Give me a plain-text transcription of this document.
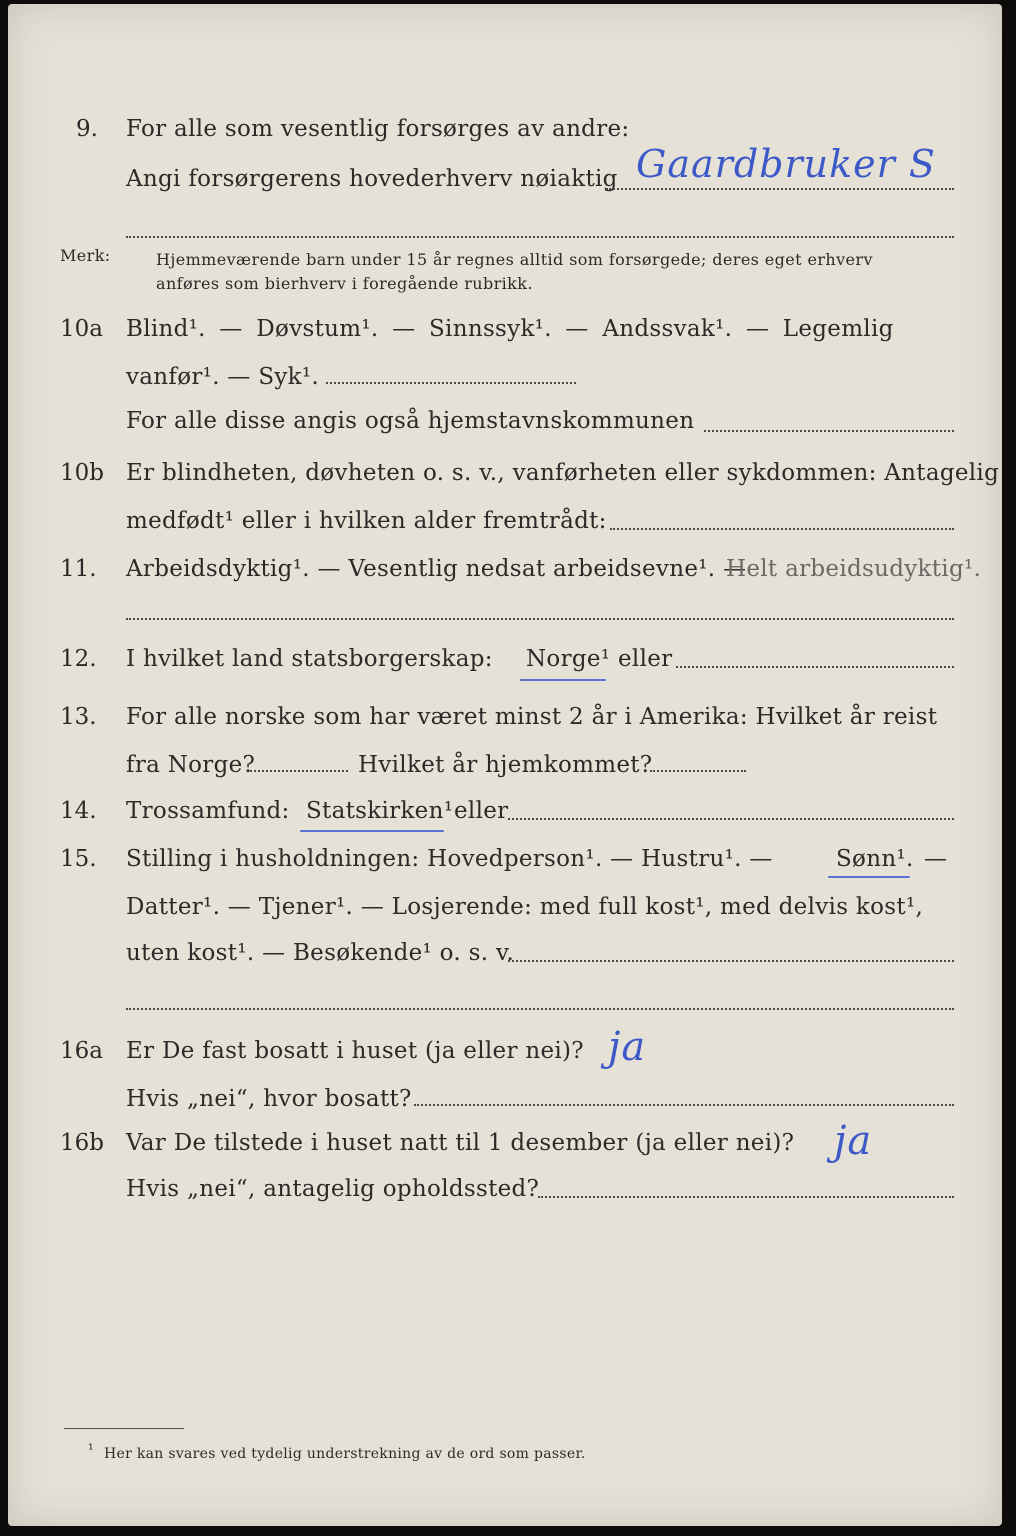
9. For alle som vesentlig forsørges av andre:
Angi forsørgerens hovederhverv nøiaktig Gaardbruker S
Merk:	Hjemmeværende barn under 15 år regnes alltid som forsørgede; deres eget erhverv
anføres som bierhverv i foregående rubrikk.
10a Blind¹. — Døvstum¹. — Sinnssyk¹. — Andssvak¹. — Legemlig
vanfør¹. — Syk¹.
For alle disse angis også hjemstavnskommunen
10b Er blindheten, døvheten o. s. v., vanførheten eller sykdommen: Antagelig
medfødt¹ eller i hvilken alder fremtrådt:
11. Arbeidsdyktig¹. — Vesentlig nedsat arbeidsevne¹. —
Helt arbeidsudyktig¹.
12. I hvilket land statsborgerskap: Norge¹ eller
13. For alle norske som har været minst 2 år i Amerika: Hvilket år reist
fra Norge?	Hvilket år hjemkommet?
14. Trossamfund: Statskirken¹ eller
15. Stilling i husholdningen: Hovedperson¹. — Hustru¹. —	Sønn¹. —
Datter¹. — Tjener¹. — Losjerende: med full kost¹, med delvis kost¹,
uten kost¹. — Besøkende¹ o. s. v.
16a Er De fast bosatt i huset (ja eller nei)? ja
Hvis „nei“, hvor bosatt?
16b Var De tilstede i huset natt til 1 desember (ja eller nei)? ja
Hvis „nei“, antagelig opholdssted?
¹ Her kan svares ved tydelig understrekning av de ord som passer.
